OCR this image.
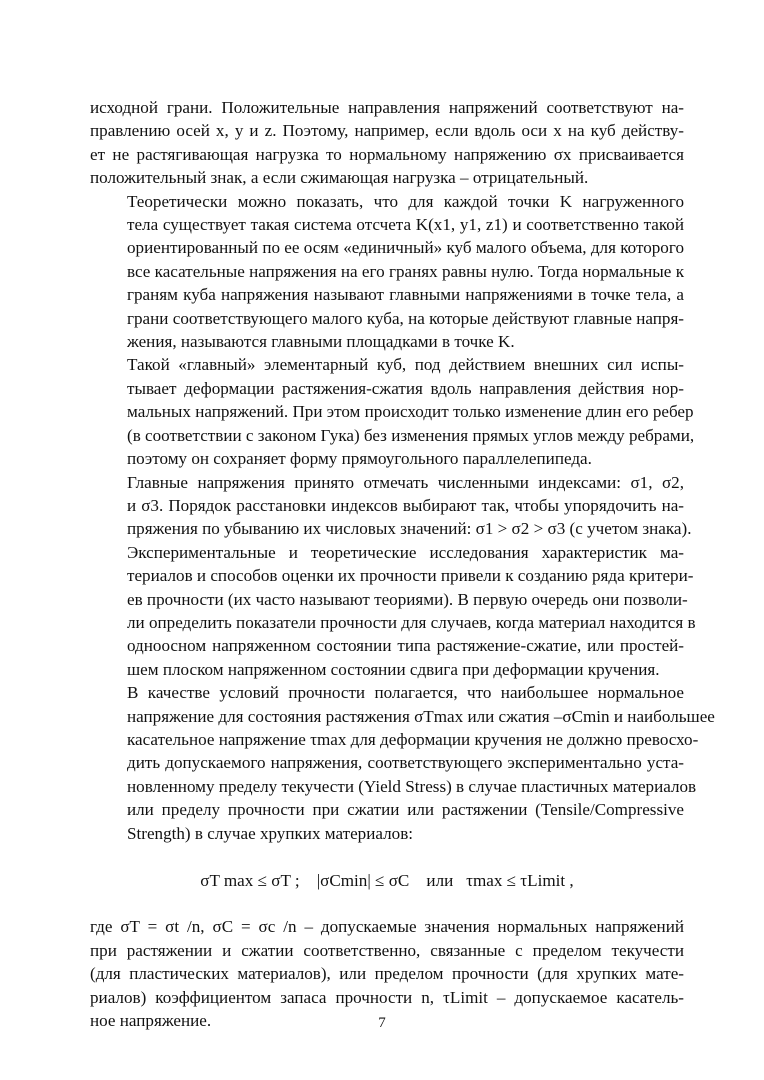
исходной грани. Положительные направления напряжений соответствуют на-
правлению осей x, y и z. Поэтому, например, если вдоль оси x на куб действу-
ет не растягивающая нагрузка то нормальному напряжению σx присваивается
положительный знак, а если сжимающая нагрузка – отрицательный.
Теоретически можно показать, что для каждой точки K нагруженного
тела существует такая система отсчета K(x1, y1, z1) и соответственно такой
ориентированный по ее осям «единичный» куб малого объема, для которого
все касательные напряжения на его гранях равны нулю. Тогда нормальные к
граням куба напряжения называют главными напряжениями в точке тела, а
грани соответствующего малого куба, на которые действуют главные напря-
жения, называются главными площадками в точке K.
Такой «главный» элементарный куб, под действием внешних сил испы-
тывает деформации растяжения-сжатия вдоль направления действия нор-
мальных напряжений. При этом происходит только изменение длин его ребер
(в соответствии с законом Гука) без изменения прямых углов между ребрами,
поэтому он сохраняет форму прямоугольного параллелепипеда.
Главные напряжения принято отмечать численными индексами: σ1, σ2,
и σ3. Порядок расстановки индексов выбирают так, чтобы упорядочить на-
пряжения по убыванию их числовых значений: σ1 > σ2 > σ3 (с учетом знака).
Экспериментальные и теоретические исследования характеристик ма-
териалов и способов оценки их прочности привели к созданию ряда критери-
ев прочности (их часто называют теориями). В первую очередь они позволи-
ли определить показатели прочности для случаев, когда материал находится в
одноосном напряженном состоянии типа растяжение-сжатие, или простей-
шем плоском напряженном состоянии сдвига при деформации кручения.
В качестве условий прочности полагается, что наибольшее нормальное
напряжение для состояния растяжения σTmax или сжатия –σCmin и наибольшее
касательное напряжение τmax для деформации кручения не должно превосхо-
дить допускаемого напряжения, соответствующего экспериментально уста-
новленному пределу текучести (Yield Stress) в случае пластичных материалов
или пределу прочности при сжатии или растяжении (Tensile/Compressive
Strength) в случае хрупких материалов:
σT max ≤ σT ; |σCmin| ≤ σC или τmax ≤ τLimit ,
где σT = σt /n, σC = σc /n – допускаемые значения нормальных напряжений
при растяжении и сжатии соответственно, связанные с пределом текучести
(для пластических материалов), или пределом прочности (для хрупких мате-
риалов) коэффициентом запаса прочности n, τLimit – допускаемое касатель-
ное напряжение.	7
